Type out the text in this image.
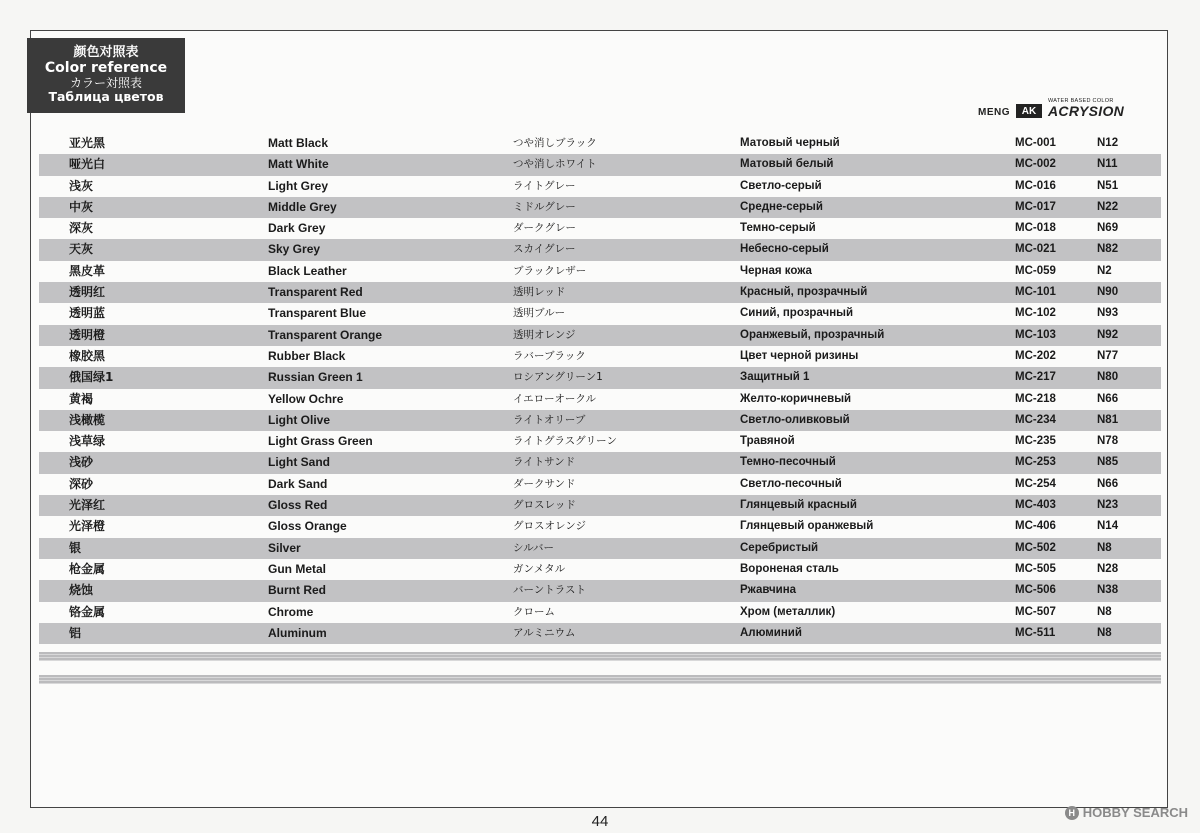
颜色对照表
Color reference
カラー対照表
Таблица цветов
MENG	AK
WATER BASED COLOR
ACRYSION
亚光黑	Matt Black	つや消しブラック	Матовый черный	MC-001	N12
哑光白	Matt White	つや消しホワイト	Матовый белый	MC-002	N11
浅灰	Light Grey	ライトグレー	Светло-серый	MC-016	N51
中灰	Middle Grey	ミドルグレー	Средне-серый	MC-017	N22
深灰	Dark Grey	ダークグレー	Темно-серый	MC-018	N69
天灰	Sky Grey	スカイグレー	Небесно-серый	MC-021	N82
黑皮革	Black Leather	ブラックレザー	Черная кожа	MC-059	N2
透明红	Transparent Red	透明レッド	Красный, прозрачный	MC-101	N90
透明蓝	Transparent Blue	透明ブルー	Синий, прозрачный	MC-102	N93
透明橙	Transparent Orange	透明オレンジ	Оранжевый, прозрачный	MC-103	N92
橡胶黑	Rubber Black	ラバーブラック	Цвет черной ризины	MC-202	N77
俄国绿1	Russian Green 1	ロシアングリーン1	Защитный 1	MC-217	N80
黄褐	Yellow Ochre	イエローオークル	Желто-коричневый	MC-218	N66
浅橄榄	Light Olive	ライトオリーブ	Светло-оливковый	MC-234	N81
浅草绿	Light Grass Green	ライトグラスグリーン	Травяной	MC-235	N78
浅砂	Light Sand	ライトサンド	Темно-песочный	MC-253	N85
深砂	Dark Sand	ダークサンド	Светло-песочный	MC-254	N66
光泽红	Gloss Red	グロスレッド	Глянцевый красный	MC-403	N23
光泽橙	Gloss Orange	グロスオレンジ	Глянцевый оранжевый	MC-406	N14
银	Silver	シルバー	Серебристый	MC-502	N8
枪金属	Gun Metal	ガンメタル	Вороненая сталь	MC-505	N28
烧蚀	Burnt Red	バーントラスト	Ржавчина	MC-506	N38
铬金属	Chrome	クローム	Хром (металлик)	MC-507	N8
铝	Aluminum	アルミニウム	Алюминий	MC-511	N8
44
H HOBBY SEARCH
